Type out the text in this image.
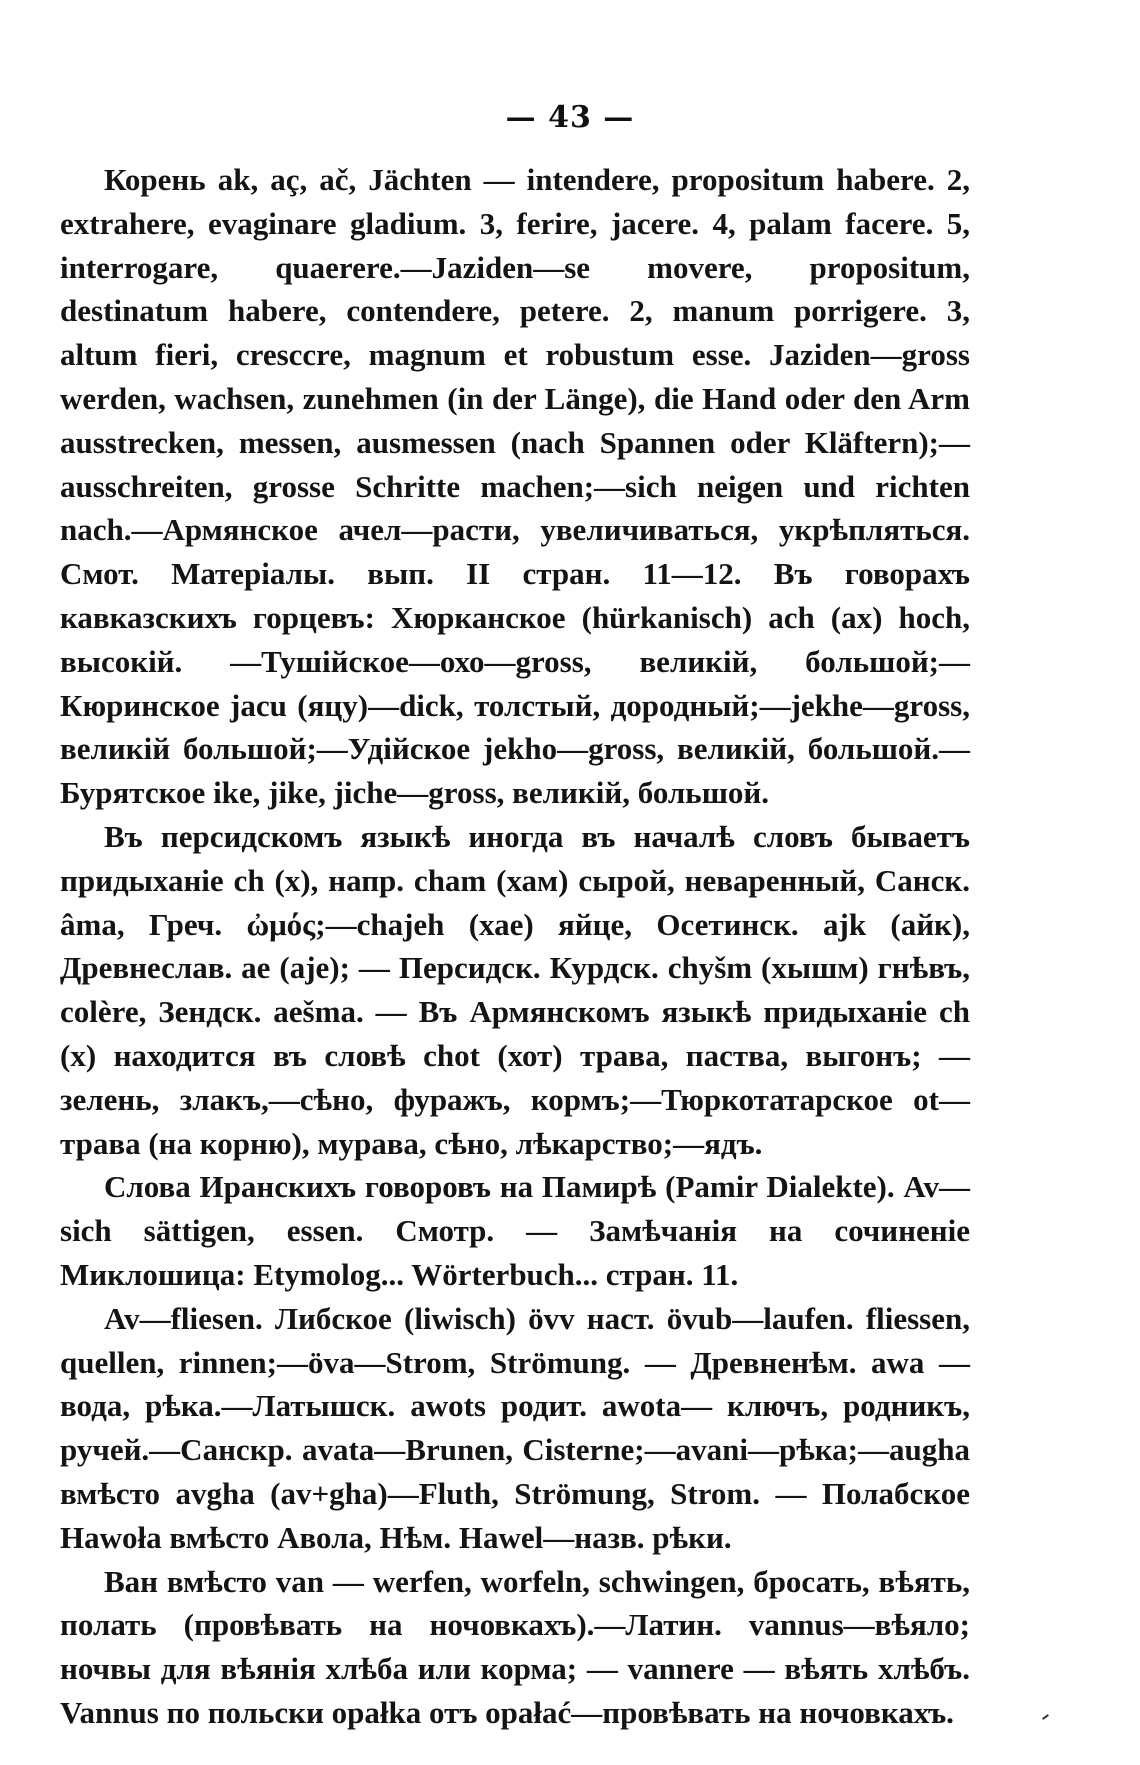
— 43 —

Корень ak, aç, ač, Jächten — intendere, propositum habere. 2, extrahere, evaginare gladium. 3, ferire, jacere. 4, palam facere. 5, interrogare, quaerere.—Jaziden—se movere, propositum, destinatum habere, contendere, petere. 2, manum porrigere. 3, altum fieri, cresccre, magnum et robustum esse. Jaziden—gross werden, wachsen, zunehmen (in der Länge), die Hand oder den Arm ausstrecken, messen, ausmessen (nach Spannen oder Kläftern);—ausschreiten, grosse Schritte machen;—sich neigen und richten nach.—Армянское ачел—расти, увеличиваться, укрѣпляться. Смот. Матеріалы. вып. II стран. 11—12. Въ говорахъ кавказскихъ горцевъ: Хюрканское (hürkanisch) ach (ax) hoch, высокій. —Тушійское—охо—gross, великій, большой;—Кюринское jacu (яцу)—dick, толстый, дородный;—jekhe—gross, великій большой;—Удійское jekho—gross, великій, большой.—Бурятское ike, jike, jiche—gross, великій, большой.

Въ персидскомъ языкѣ иногда въ началѣ словъ бываетъ придыханіе ch (x), напр. cham (хам) сырой, неваренный, Санск. âma, Греч. ὠμός;—chajeh (хае) яйце, Осетинск. ajk (айк), Древнеслав. ae (aje); — Персидск. Курдск. chyšm (хышм) гнѣвъ, colère, Зендск. aešma. — Въ Армянскомъ языкѣ придыханіе ch (x) находится въ словѣ chot (хот) трава, паства, выгонъ; — зелень, злакъ,—сѣно, фуражъ, кормъ;—Тюркотатарское ot—трава (на корню), мурава, сѣно, лѣкарство;—ядъ.

Слова Иранскихъ говоровъ на Памирѣ (Pamir Dialekte). Av—sich sättigen, essen. Смотр. — Замѣчанія на сочиненіе Миклошица: Etymolog... Wörterbuch... стран. 11.

Av—fliesen. Либское (liwisch) övv наст. övub—laufen. fliessen, quellen, rinnen;—öva—Strom, Strömung. — Древненѣм. awa —вода, рѣка.—Латышск. awots родит. awota— ключъ, родникъ, ручей.—Санскр. avata—Brunen, Cisterne;—avani—рѣка;—augha вмѣсто avgha (av+gha)—Fluth, Strömung, Strom. — Полабское Hawoła вмѣсто Авола, Нѣм. Hawel—назв. рѣки.

Ван вмѣсто van — werfen, worfeln, schwingen, бросать, вѣять, полать (провѣвать на ночовкахъ).—Латин. vannus—вѣяло; ночвы для вѣянія хлѣба или корма; — vannere — вѣять хлѣбъ. Vannus по польски opałka отъ opałać—провѣвать на ночовкахъ.
